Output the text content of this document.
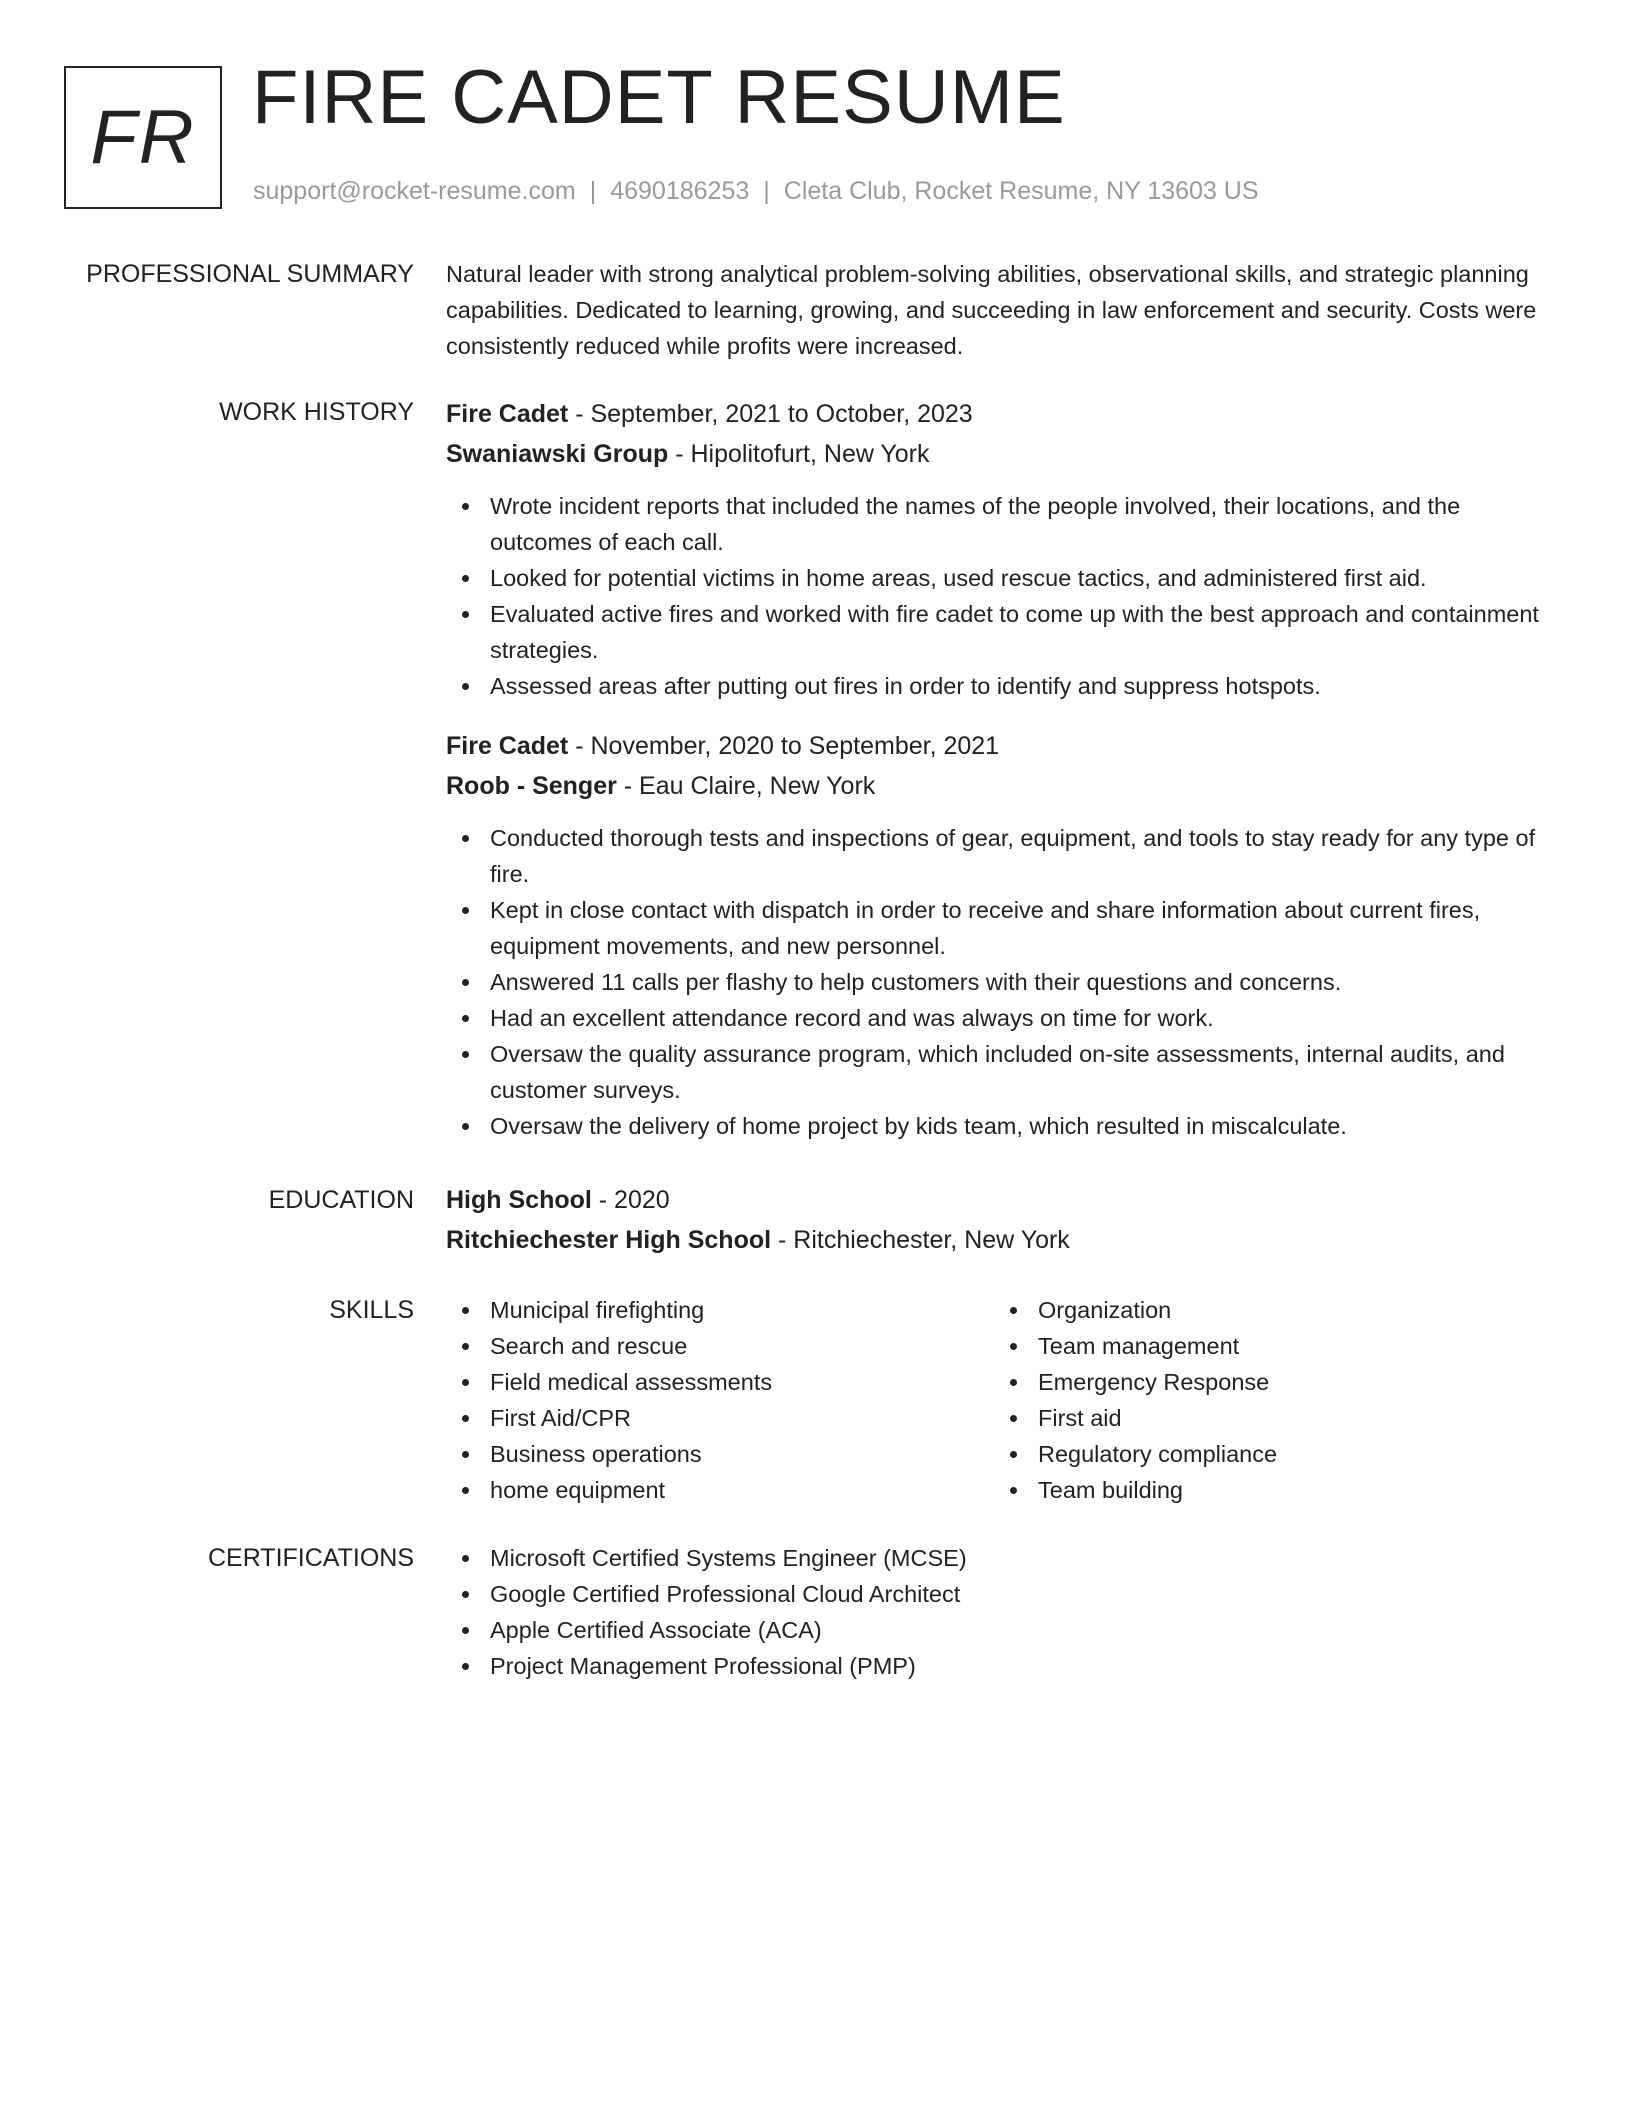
FR FIRE CADET RESUME
support@rocket-resume.com | 4690186253 | Cleta Club, Rocket Resume, NY 13603 US
PROFESSIONAL SUMMARY Natural leader with strong analytical problem-solving abilities, observational skills, and strategic planning capabilities. Dedicated to learning, growing, and succeeding in law enforcement and security. Costs were consistently reduced while profits were increased.

WORK HISTORY Fire Cadet - September, 2021 to October, 2023
Swaniawski Group - Hipolitofurt, New York
Wrote incident reports that included the names of the people involved, their locations, and the outcomes of each call.
Looked for potential victims in home areas, used rescue tactics, and administered first aid.
Evaluated active fires and worked with fire cadet to come up with the best approach and containment strategies.
Assessed areas after putting out fires in order to identify and suppress hotspots.
Fire Cadet - November, 2020 to September, 2021
Roob - Senger - Eau Claire, New York
Conducted thorough tests and inspections of gear, equipment, and tools to stay ready for any type of fire.
Kept in close contact with dispatch in order to receive and share information about current fires, equipment movements, and new personnel.
Answered 11 calls per flashy to help customers with their questions and concerns.
Had an excellent attendance record and was always on time for work.
Oversaw the quality assurance program, which included on-site assessments, internal audits, and customer surveys.
Oversaw the delivery of home project by kids team, which resulted in miscalculate.
EDUCATION High School - 2020
Ritchiechester High School - Ritchiechester, New York
SKILLS	Municipal firefighting
Search and rescue
Field medical assessments
First Aid/CPR
Business operations
home equipment
Organization
Team management
Emergency Response
First aid
Regulatory compliance
Team building
CERTIFICATIONS	Microsoft Certified Systems Engineer (MCSE)
Google Certified Professional Cloud Architect
Apple Certified Associate (ACA)
Project Management Professional (PMP)
